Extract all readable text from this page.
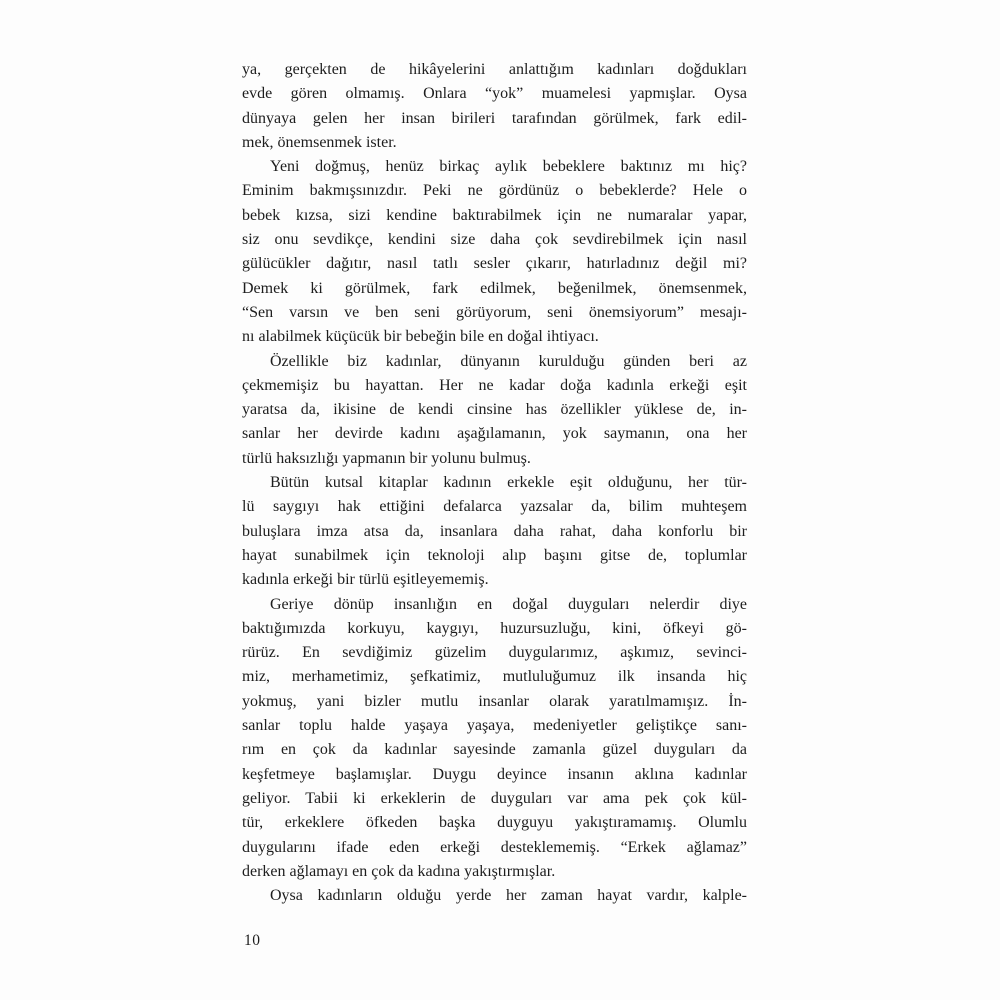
ya, gerçekten de hikâyelerini anlattığım kadınları doğdukları
evde gören olmamış. Onlara “yok” muamelesi yapmışlar. Oysa
dünyaya gelen her insan birileri tarafından görülmek, fark edil-
mek, önemsenmek ister.
Yeni doğmuş, henüz birkaç aylık bebeklere baktınız mı hiç?
Eminim bakmışsınızdır. Peki ne gördünüz o bebeklerde? Hele o
bebek kızsa, sizi kendine baktırabilmek için ne numaralar yapar,
siz onu sevdikçe, kendini size daha çok sevdirebilmek için nasıl
gülücükler dağıtır, nasıl tatlı sesler çıkarır, hatırladınız değil mi?
Demek ki görülmek, fark edilmek, beğenilmek, önemsenmek,
“Sen varsın ve ben seni görüyorum, seni önemsiyorum” mesajı-
nı alabilmek küçücük bir bebeğin bile en doğal ihtiyacı.
Özellikle biz kadınlar, dünyanın kurulduğu günden beri az
çekmemişiz bu hayattan. Her ne kadar doğa kadınla erkeği eşit
yaratsa da, ikisine de kendi cinsine has özellikler yüklese de, in-
sanlar her devirde kadını aşağılamanın, yok saymanın, ona her
türlü haksızlığı yapmanın bir yolunu bulmuş.
Bütün kutsal kitaplar kadının erkekle eşit olduğunu, her tür-
lü saygıyı hak ettiğini defalarca yazsalar da, bilim muhteşem
buluşlara imza atsa da, insanlara daha rahat, daha konforlu bir
hayat sunabilmek için teknoloji alıp başını gitse de, toplumlar
kadınla erkeği bir türlü eşitleyememiş.
Geriye dönüp insanlığın en doğal duyguları nelerdir diye
baktığımızda korkuyu, kaygıyı, huzursuzluğu, kini, öfkeyi gö-
rürüz. En sevdiğimiz güzelim duygularımız, aşkımız, sevinci-
miz, merhametimiz, şefkatimiz, mutluluğumuz ilk insanda hiç
yokmuş, yani bizler mutlu insanlar olarak yaratılmamışız. İn-
sanlar toplu halde yaşaya yaşaya, medeniyetler geliştikçe sanı-
rım en çok da kadınlar sayesinde zamanla güzel duyguları da
keşfetmeye başlamışlar. Duygu deyince insanın aklına kadınlar
geliyor. Tabii ki erkeklerin de duyguları var ama pek çok kül-
tür, erkeklere öfkeden başka duyguyu yakıştıramamış. Olumlu
duygularını ifade eden erkeği desteklememiş. “Erkek ağlamaz”
derken ağlamayı en çok da kadına yakıştırmışlar.
Oysa kadınların olduğu yerde her zaman hayat vardır, kalple-
10
